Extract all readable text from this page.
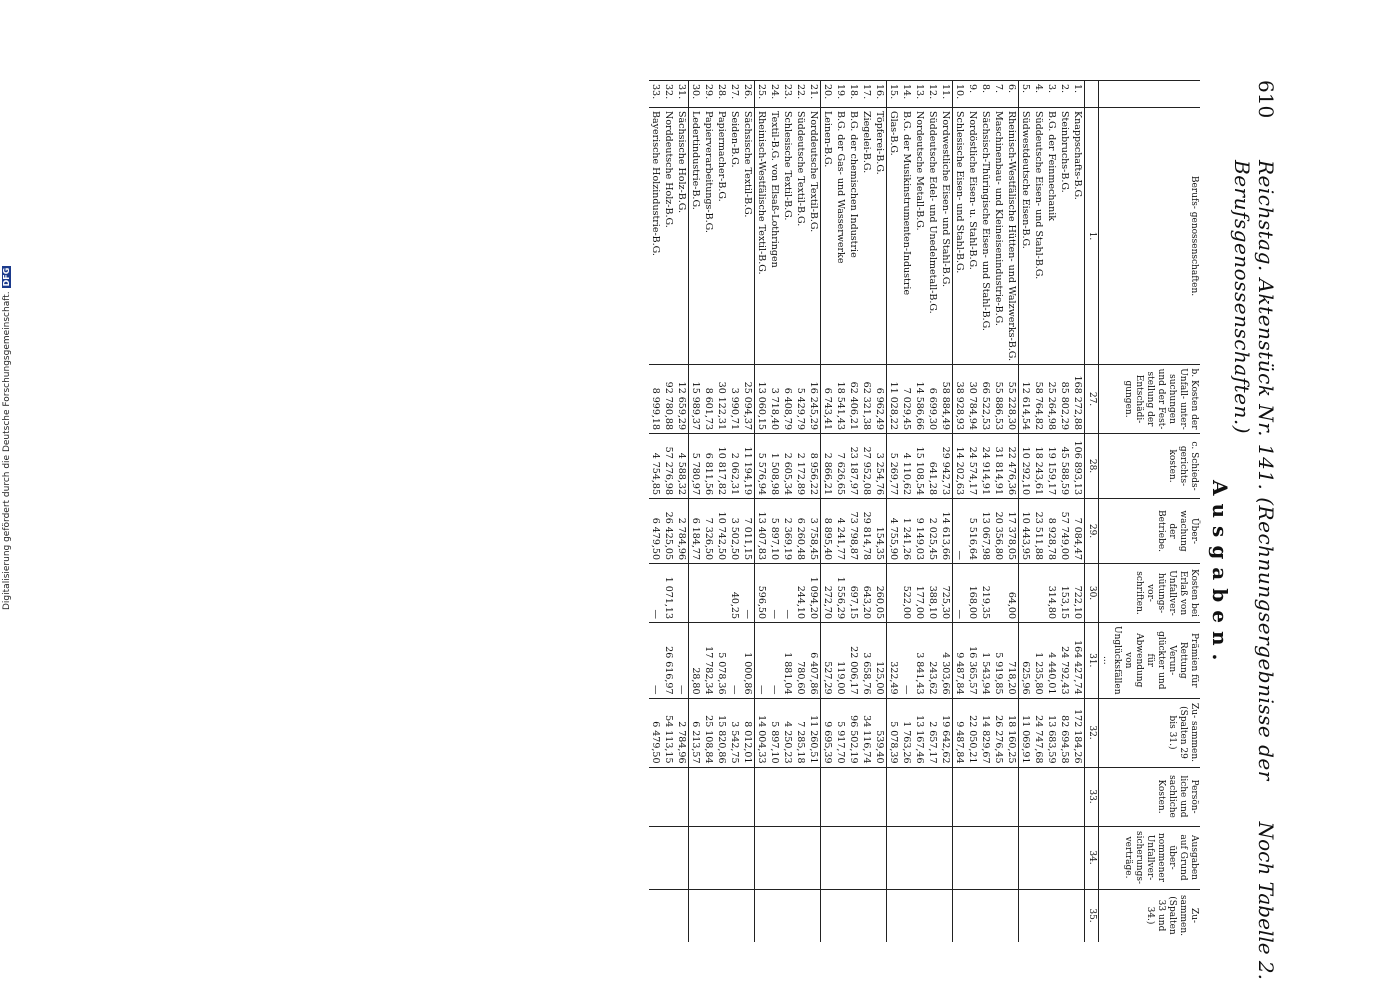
610
Reichstag. Aktenstück Nr. 141. (Rechnungsergebnisse der Berufsgenossenschaften.)
Noch Tabelle 2.
Ausgaben.
	Berufs- genossenschaften.	b. Kosten der Unfall- unter- suchungen und der Fest- stellung der Entschädi- gungen.	c. Schieds- gerichts- kosten.	Über- wachung der Betriebe.	Kosten bei Erlaß von Unfallver- hütungs- vor- schriften.	Prämien für Rettung Verun- glückter und für Abwendung von Unglücksfällen ...	Zu- sammen. (Spalten 29 bis 31.)	Persön- liche und sachliche Kosten.	Ausgaben auf Grund über- nommener Unfallver- sicherungs- verträge.	Zu- sammen. (Spalten 33 und 34.)
	1.	27.	28.	29.	30.	31.	32.	33.	34.	35.
1.	Knappschafts-B.G.	168 272,88	106 893,13	7 084,47	722,10	164 427,74	172 184,26			
2.	Steinbruchs-B.G.	85 802,29	45 588,59	57 749,00	153,15	24 792,43	82 694,58			
3.	B.G. der Feinmechanik	25 264,98	19 159,17	8 928,78	314,80	4 440,01	13 683,59			
4.	Süddeutsche Eisen- und Stahl-B.G.	58 764,82	18 243,61	23 511,88		1 235,80	24 747,68			
5.	Südwestdeutsche Eisen-B.G.	12 614,54	10 292,10	10 443,95		625,96	11 069,91			
6.	Rheinisch-Westfälische Hütten- und Walzwerks-B.G.	55 228,30	22 476,36	17 378,05	64,00	718,20	18 160,25			
7.	Maschinenbau- und Kleineisenindustrie-B.G.	55 886,53	31 814,91	20 356,80		5 919,85	26 276,45			
8.	Sächsisch-Thüringische Eisen- und Stahl-B.G.	66 522,53	24 914,91	13 067,98	219,35	1 543,94	14 829,67			
9.	Nordöstliche Eisen- u. Stahl-B.G.	30 784,94	24 574,17	5 516,64	168,00	16 365,57	22 050,21			
10.	Schlesische Eisen- und Stahl-B.G.	38 928,93	14 202,63	—	—	9 487,84	9 487,84			
11.	Nordwestliche Eisen- und Stahl-B.G.	58 884,49	29 942,73	14 613,66	725,30	4 303,66	19 642,62			
12.	Süddeutsche Edel- und Unedelmetall-B.G.	6 699,30	641,28	2 025,45	388,10	243,62	2 657,17			
13.	Nordeutsche Metall-B.G.	14 586,66	15 108,54	9 149,03	177,00	3 841,43	13 167,46			
14.	B.G. der Musikinstrumenten-Industrie	7 029,45	4 110,62	1 241,26	522,00	—	1 763,26			
15.	Glas-B.G.	11 028,22	5 269,77	4 755,90		322,49	5 078,39			
16.	Töpferei-B.G.	6 962,49	3 254,76	154,35	260,05	125,00	539,40			
17.	Ziegelei-B.G.	62 321,38	27 952,08	29 814,78	643,20	3 658,76	34 116,74			
18.	B.G. der chemischen Industrie	62 406,21	23 187,97	73 798,87	697,15	22 006,17	96 502,19			
19.	B.G. der Gas- und Wasserwerke	18 541,43	7 626,65	4 241,77	1 556,29	119,00	5 917,70			
20.	Leinen-B.G.	6 743,41	2 866,21	8 895,40	272,70	527,29	9 695,39			
21.	Norddeutsche Textil-B.G.	16 245,29	8 956,22	3 758,45	1 094,20	6 407,86	11 260,51			
22.	Süddeutsche Textil-B.G.	5 429,79	2 172,89	6 260,48	244,10	780,60	7 285,18			
23.	Schlesische Textil-B.G.	6 408,79	2 605,34	2 369,19	—	1 881,04	4 250,23			
24.	Textil-B.G. von Elsaß-Lothringen	3 718,40	1 508,98	5 897,10	—	—	5 897,10			
25.	Rheinisch-Westfälische Textil-B.G.	13 060,15	5 576,94	13 407,83	596,50	—	14 004,33			
26.	Sächsische Textil-B.G.	25 094,37	11 194,19	7 011,15	—	1 000,86	8 012,01			
27.	Seiden-B.G.	3 990,71	2 062,31	3 502,50	40,25	—	3 542,75			
28.	Papiermacher-B.G.	30 122,31	10 817,82	10 742,50		5 078,36	15 820,86			
29.	Papierverarbeitungs-B.G.	8 601,73	6 811,56	7 326,50		17 782,34	25 108,84			
30.	Ledertindustrie-B.G.	15 989,37	5 780,97	6 184,77		28,80	6 213,57			
31.	Sächsische Holz-B.G.	12 659,29	4 588,32	2 784,96		—	2 784,96			
32.	Norddeutsche Holz-B.G.	92 780,88	57 276,98	26 425,05	1 071,13	26 616,97	54 113,15			
33.	Bayerische Holzindustrie-B.G.	8 999,18	4 754,85	6 479,50	—	—	6 479,50			
Digitalisierung gefördert durch die Deutsche Forschungsgemeinschaft.DFG
